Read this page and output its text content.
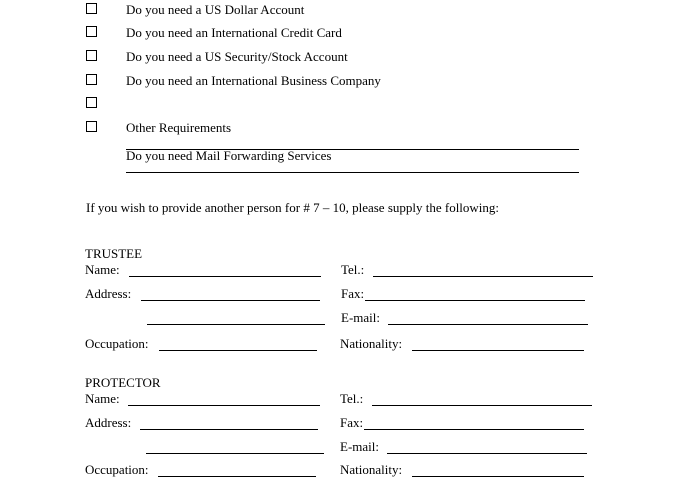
Do you need a US Dollar Account
Do you need an International Credit Card
Do you need a US Security/Stock Account
Do you need an International Business Company
Other Requirements
Do you need Mail Forwarding Services
If you wish to provide another person for # 7 – 10, please supply the following:
TRUSTEE
Name:	Tel.:
Address:	Fax:
E-mail:
Occupation:	Nationality:
PROTECTOR
Name:	Tel.:
Address:	Fax:
E-mail:
Occupation:	Nationality:
